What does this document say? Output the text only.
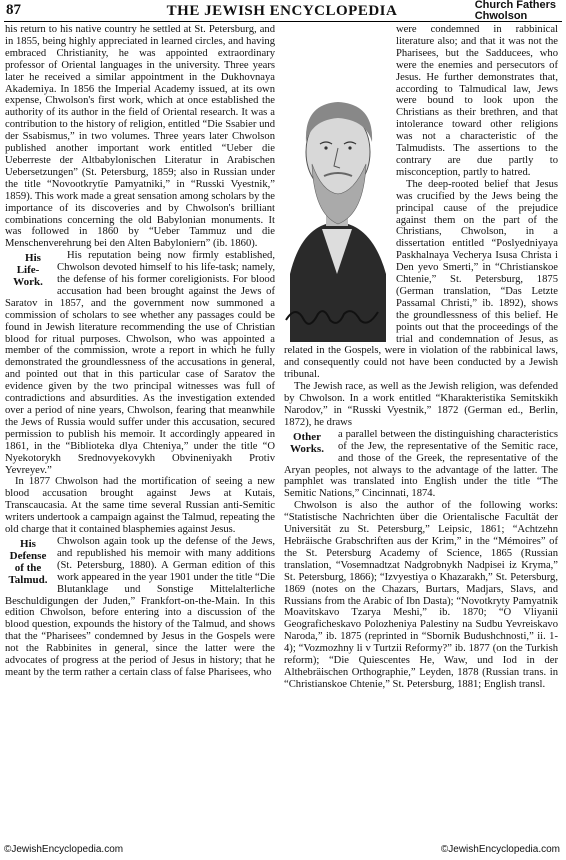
87	THE JEWISH ENCYCLOPEDIA	Church Fathers
Chwolson

his return to his native country he settled at St. Petersburg, and in 1855, being highly appreciated in learned circles, and having embraced Christianity, he was appointed extraordinary professor of Oriental languages in the university. Three years later he received a similar appointment in the Dukhovnaya Akademiya. In 1856 the Imperial Academy issued, at its own expense, Chwolson's first work, which at once established the authority of its author in the field of Oriental research. It was a contribution to the history of religion, entitled “Die Ssabier und der Ssabismus,” in two volumes. Three years later Chwolson published another important work entitled “Ueber die Ueberreste der Altbabylonischen Literatur in Arabischen Uebersetzungen” (St. Petersburg, 1859; also in Russian under the title “Novootkrytïe Pamyatniki,” in “Russki Vyestnik,” 1859). This work made a great sensation among scholars by the importance of its discoveries and by Chwolson's brilliant combinations concerning the old Babylonian monuments. It was followed in 1860 by “Ueber Tammuz und die Menschenverehrung bei den Alten Babyloniern” (ib. 1860).

His Life-Work.
His reputation being now firmly established, Chwolson devoted himself to his life-task; namely, the defense of his former coreligionists. For blood accusation had been brought against the Jews of Saratov in 1857, and the government now summoned a commission of scholars to see whether any passages could be found in Jewish literature recommending the use of Christian blood for ritual purposes. Chwolson, who was appointed a member of the commission, wrote a report in which he fully demonstrated the groundlessness of the accusations in general, and pointed out that in this particular case of Saratov the evidence given by the two principal witnesses was full of contradictions and absurdities. As the investigation extended over a period of nine years, Chwolson, fearing that meanwhile the Jews of Russia would suffer under this accusation, secured permission to publish his memoir. It accordingly appeared in 1861, in the “Biblioteka dlya Chteniya,” under the title “O Nyekotorykh Srednovyekovykh Obvineniyakh Protiv Yevreyev.”

In 1877 Chwolson had the mortification of seeing a new blood accusation brought against Jews at Kutais, Transcaucasia. At the same time several Russian anti-Semitic writers undertook a campaign against the Talmud, repeating the old charge that it contained blasphemies against Jesus.

His Defense of the Talmud.
Chwolson again took up the defense of the Jews, and republished his memoir with many additions (St. Petersburg, 1880). A German edition of this work appeared in the year 1901 under the title “Die Blutanklage und Sonstige Mittelalterliche Beschuldigungen der Juden,” Frankfort-on-the-Main. In this edition Chwolson, before entering into a discussion of the blood question, expounds the history of the Talmud, and shows that the “Pharisees” condemned by Jesus in the Gospels were not the Rabbinites in general, since the latter were the advocates of progress at the period of Jesus in history; that he meant by the term rather a certain class of false Pharisees, who

were condemned in rabbinical literature also; and that it was not the Pharisees, but the Sadducees, who were the enemies and persecutors of Jesus. He further demonstrates that, according to Talmudical law, Jews were bound to look upon the Christians as their brethren, and that intolerance toward other religions was not a characteristic of the Talmudists. The assertions to the contrary are due partly to misconception, partly to hatred.

The deep-rooted belief that Jesus was crucified by the Jews being the principal cause of the prejudice against them on the part of the Christians, Chwolson, in a dissertation entitled “Poslyedniyaya Paskhalnaya Vecherya Isusa Christa i Den yevo Smerti,” in “Christianskoe Chtenie,” St. Petersburg, 1875 (German translation, “Das Letzte Passamal Christi,” ib. 1892), shows the groundlessness of this belief. He points out that the proceedings of the trial and condemnation of Jesus, as related in the Gospels, were in violation of the rabbinical laws, and consequently could not have been conducted by a Jewish tribunal.

The Jewish race, as well as the Jewish religion, was defended by Chwolson. In a work entitled “Kharakteristika Semitskikh Narodov,” in “Russki Vyestnik,” 1872 (German ed., Berlin, 1872), he draws

Other Works.
a parallel between the distinguishing characteristics of the Jew, the representative of the Semitic race, and those of the Greek, the representative of the Aryan peoples, not always to the advantage of the latter. The pamphlet was translated into English under the title “The Semitic Nations,” Cincinnati, 1874.

Chwolson is also the author of the following works: “Statistische Nachrichten über die Orientalische Facultät der Universität zu St. Petersburg,” Leipsic, 1861; “Achtzehn Hebräische Grabschriften aus der Krim,” in the “Mémoires” of the St. Petersburg Academy of Science, 1865 (Russian translation, “Vosemnadtzat Nadgrobnykh Nadpisei iz Kryma,” St. Petersburg, 1866); “Izvyestiya o Khazarakh,” St. Petersburg, 1869 (notes on the Chazars, Burtars, Madjars, Slavs, and Russians from the Arabic of Ibn Dasta); “Novotkryty Pamyatnik Moavitskavo Tzarya Meshi,” ib. 1870; “O Vliyanii Geograficheskavo Polozheniya Palestiny na Sudbu Yevreiskavo Naroda,” ib. 1875 (reprinted in “Sbornik Budushchnosti,” ii. 1-4); “Vozmozhny li v Turtzii Reformy?” ib. 1877 (on the Turkish reform); “Die Quiescentes He, Waw, und Iod in der Althebräischen Orthographie,” Leyden, 1878 (Russian trans. in “Christianskoe Chtenie,” St. Petersburg, 1881; English transl.

©JewishEncyclopedia.com	©JewishEncyclopedia.com
